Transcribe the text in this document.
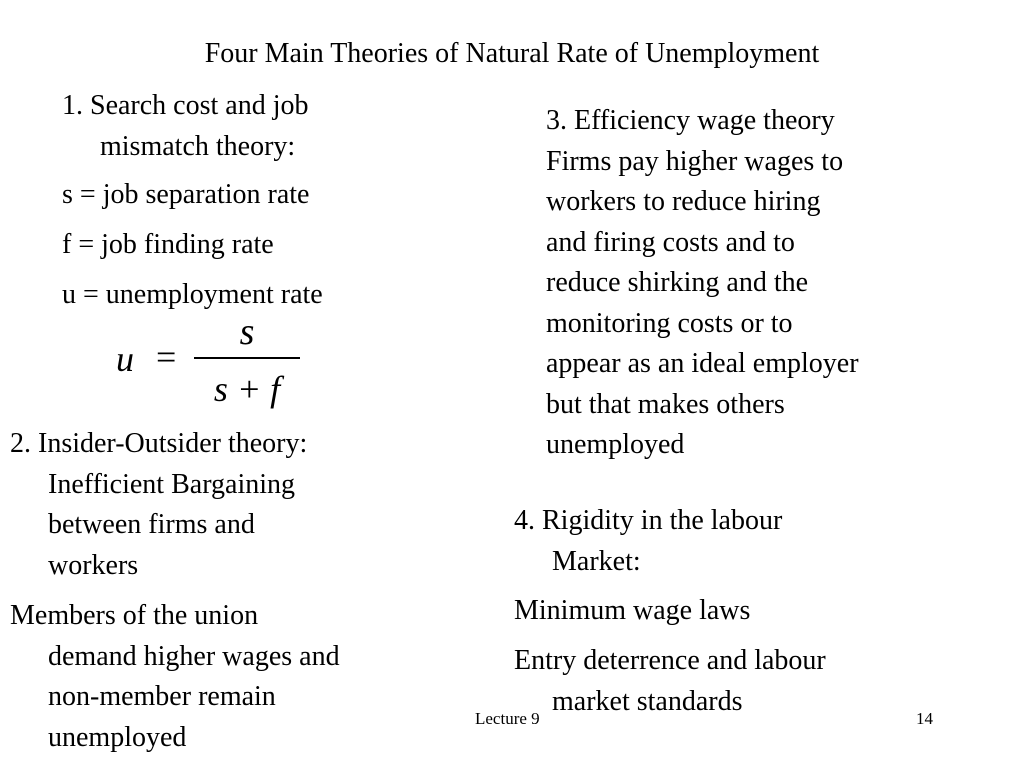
Four Main Theories of Natural Rate of Unemployment
1. Search cost and job
mismatch theory:
s = job separation rate
f = job finding rate
u = unemployment rate
u =
s
s + f
2. Insider-Outsider theory:
Inefficient Bargaining
between firms and
workers
Members of the union
demand higher wages and
non-member remain
unemployed
3. Efficiency wage theory
Firms pay higher wages to
workers to reduce hiring
and firing costs and to
reduce shirking and the
monitoring costs or to
appear as an ideal employer
but that makes others
unemployed
4. Rigidity in the labour
Market:
Minimum wage laws
Entry deterrence and labour
market standards
Lecture 9	14
